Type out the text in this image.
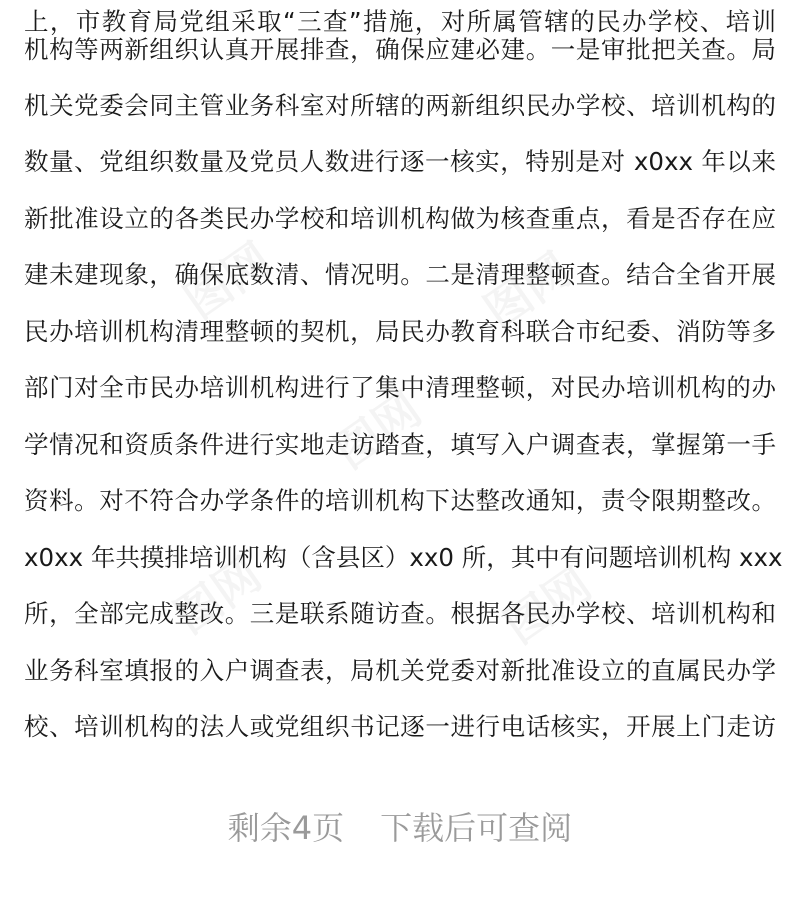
上，市教育局党组采取“三查”措施，对所属管辖的民办学校、培训
机构等两新组织认真开展排查，确保应建必建。一是审批把关查。局
机关党委会同主管业务科室对所辖的两新组织民办学校、培训机构的
数量、党组织数量及党员人数进行逐一核实，特别是对 x0xx 年以来
新批准设立的各类民办学校和培训机构做为核查重点，看是否存在应
建未建现象，确保底数清、情况明。二是清理整顿查。结合全省开展
民办培训机构清理整顿的契机，局民办教育科联合市纪委、消防等多
部门对全市民办培训机构进行了集中清理整顿，对民办培训机构的办
学情况和资质条件进行实地走访踏查，填写入户调查表，掌握第一手
资料。对不符合办学条件的培训机构下达整改通知，责令限期整改。
x0xx 年共摸排培训机构（含县区）xx0 所，其中有问题培训机构 xxx
所，全部完成整改。三是联系随访查。根据各民办学校、培训机构和
业务科室填报的入户调查表，局机关党委对新批准设立的直属民办学
校、培训机构的法人或党组织书记逐一进行电话核实，开展上门走访
剩余4页 下载后可查阅
